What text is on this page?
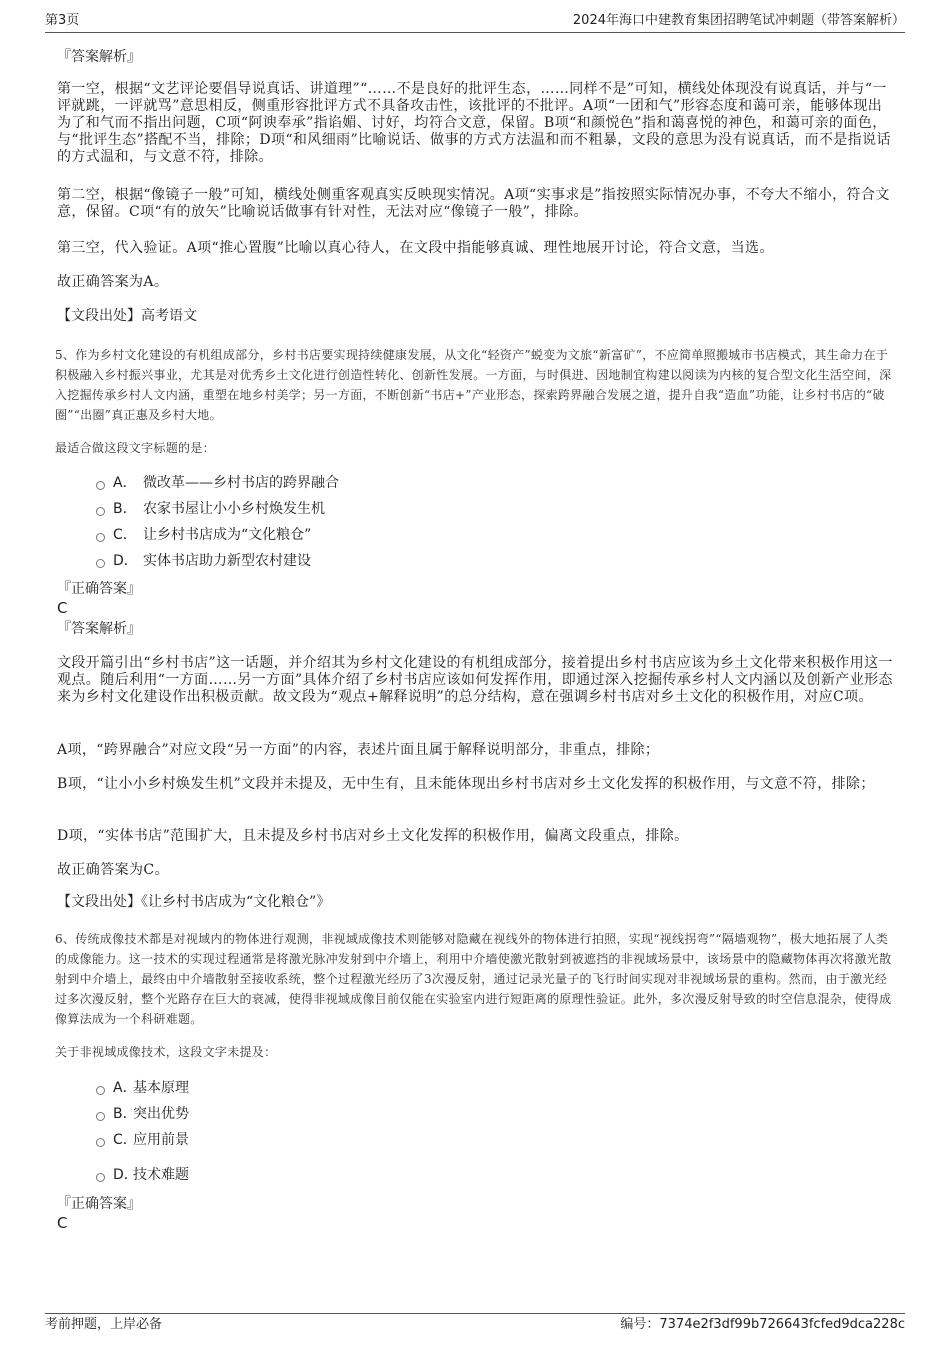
第3页	2024年海口中建教育集团招聘笔试冲刺题（带答案解析）
『答案解析』
第一空，根据“文艺评论要倡导说真话、讲道理”“……不是良好的批评生态，……同样不是”可知，横线处体现没有说真话，并与“一评就跳，一评就骂”意思相反，侧重形容批评方式不具备攻击性，该批评的不批评。A项“一团和气”形容态度和蔼可亲，能够体现出为了和气而不指出问题，C项“阿谀奉承”指谄媚、讨好，均符合文意，保留。B项“和颜悦色”指和蔼喜悦的神色，和蔼可亲的面色，与“批评生态”搭配不当，排除；D项“和风细雨”比喻说话、做事的方式方法温和而不粗暴，文段的意思为没有说真话，而不是指说话的方式温和，与文意不符，排除。
第二空，根据“像镜子一般”可知，横线处侧重客观真实反映现实情况。A项“实事求是”指按照实际情况办事，不夸大不缩小，符合文意，保留。C项“有的放矢”比喻说话做事有针对性，无法对应“像镜子一般”，排除。
第三空，代入验证。A项“推心置腹”比喻以真心待人，在文段中指能够真诚、理性地展开讨论，符合文意，当选。
故正确答案为A。
【文段出处】高考语文
5、作为乡村文化建设的有机组成部分，乡村书店要实现持续健康发展，从文化“轻资产”蜕变为文旅“新富矿”，不应简单照搬城市书店模式，其生命力在于积极融入乡村振兴事业，尤其是对优秀乡土文化进行创造性转化、创新性发展。一方面，与时俱进、因地制宜构建以阅读为内核的复合型文化生活空间，深入挖掘传承乡村人文内涵，重塑在地乡村美学；另一方面，不断创新“书店+”产业形态，探索跨界融合发展之道，提升自我“造血”功能，让乡村书店的“破圈”“出圈”真正惠及乡村大地。
最适合做这段文字标题的是：
A． 微改革——乡村书店的跨界融合
B． 农家书屋让小小乡村焕发生机
C． 让乡村书店成为“文化粮仓”
D． 实体书店助力新型农村建设
『正确答案』
C
『答案解析』
文段开篇引出“乡村书店”这一话题，并介绍其为乡村文化建设的有机组成部分，接着提出乡村书店应该为乡土文化带来积极作用这一观点。随后利用“一方面……另一方面”具体介绍了乡村书店应该如何发挥作用，即通过深入挖掘传承乡村人文内涵以及创新产业形态来为乡村文化建设作出积极贡献。故文段为“观点+解释说明”的总分结构，意在强调乡村书店对乡土文化的积极作用，对应C项。
A项，“跨界融合”对应文段“另一方面”的内容，表述片面且属于解释说明部分，非重点，排除；
B项，“让小小乡村焕发生机”文段并未提及，无中生有，且未能体现出乡村书店对乡土文化发挥的积极作用，与文意不符，排除；
D项，“实体书店”范围扩大，且未提及乡村书店对乡土文化发挥的积极作用，偏离文段重点，排除。
故正确答案为C。
【文段出处】《让乡村书店成为“文化粮仓”》
6、传统成像技术都是对视域内的物体进行观测，非视域成像技术则能够对隐藏在视线外的物体进行拍照，实现“视线拐弯”“隔墙观物”，极大地拓展了人类的成像能力。这一技术的实现过程通常是将激光脉冲发射到中介墙上，利用中介墙使激光散射到被遮挡的非视域场景中，该场景中的隐藏物体再次将激光散射到中介墙上，最终由中介墙散射至接收系统，整个过程激光经历了3次漫反射，通过记录光量子的飞行时间实现对非视域场景的重构。然而，由于激光经过多次漫反射，整个光路存在巨大的衰减，使得非视域成像目前仅能在实验室内进行短距离的原理性验证。此外，多次漫反射导致的时空信息混杂，使得成像算法成为一个科研难题。
关于非视域成像技术，这段文字未提及：
A．
基本原理
B．
突出优势
C．
应用前景
D．
技术难题
『正确答案』
C
考前押题，上岸必备	编号：7374e2f3df99b726643fcfed9dca228c
